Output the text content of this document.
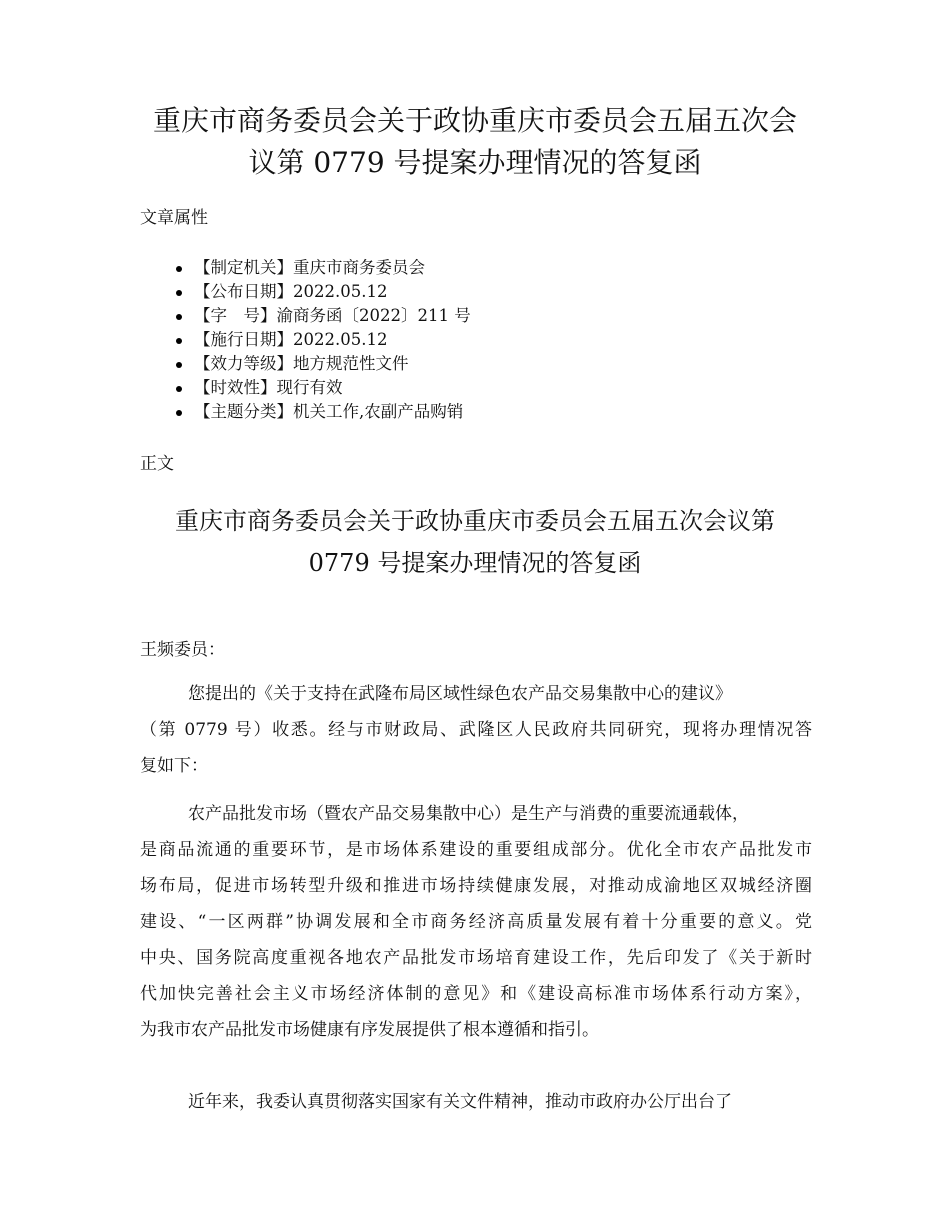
重庆市商务委员会关于政协重庆市委员会五届五次会
议第 0779 号提案办理情况的答复函

文章属性

【制定机关】重庆市商务委员会
【公布日期】2022.05.12
【字　号】渝商务函〔2022〕211 号
【施行日期】2022.05.12
【效力等级】地方规范性文件
【时效性】现行有效
【主题分类】机关工作,农副产品购销

正文

重庆市商务委员会关于政协重庆市委员会五届五次会议第
0779 号提案办理情况的答复函

王频委员：

您提出的《关于支持在武隆布局区域性绿色农产品交易集散中心的建议》
（第 0779 号）收悉。经与市财政局、武隆区人民政府共同研究，现将办理情况答
复如下：
农产品批发市场（暨农产品交易集散中心）是生产与消费的重要流通载体，
是商品流通的重要环节，是市场体系建设的重要组成部分。优化全市农产品批发市
场布局，促进市场转型升级和推进市场持续健康发展，对推动成渝地区双城经济圈
建设、“一区两群”协调发展和全市商务经济高质量发展有着十分重要的意义。党
中央、国务院高度重视各地农产品批发市场培育建设工作，先后印发了《关于新时
代加快完善社会主义市场经济体制的意见》和《建设高标准市场体系行动方案》，
为我市农产品批发市场健康有序发展提供了根本遵循和指引。
近年来，我委认真贯彻落实国家有关文件精神，推动市政府办公厅出台了
